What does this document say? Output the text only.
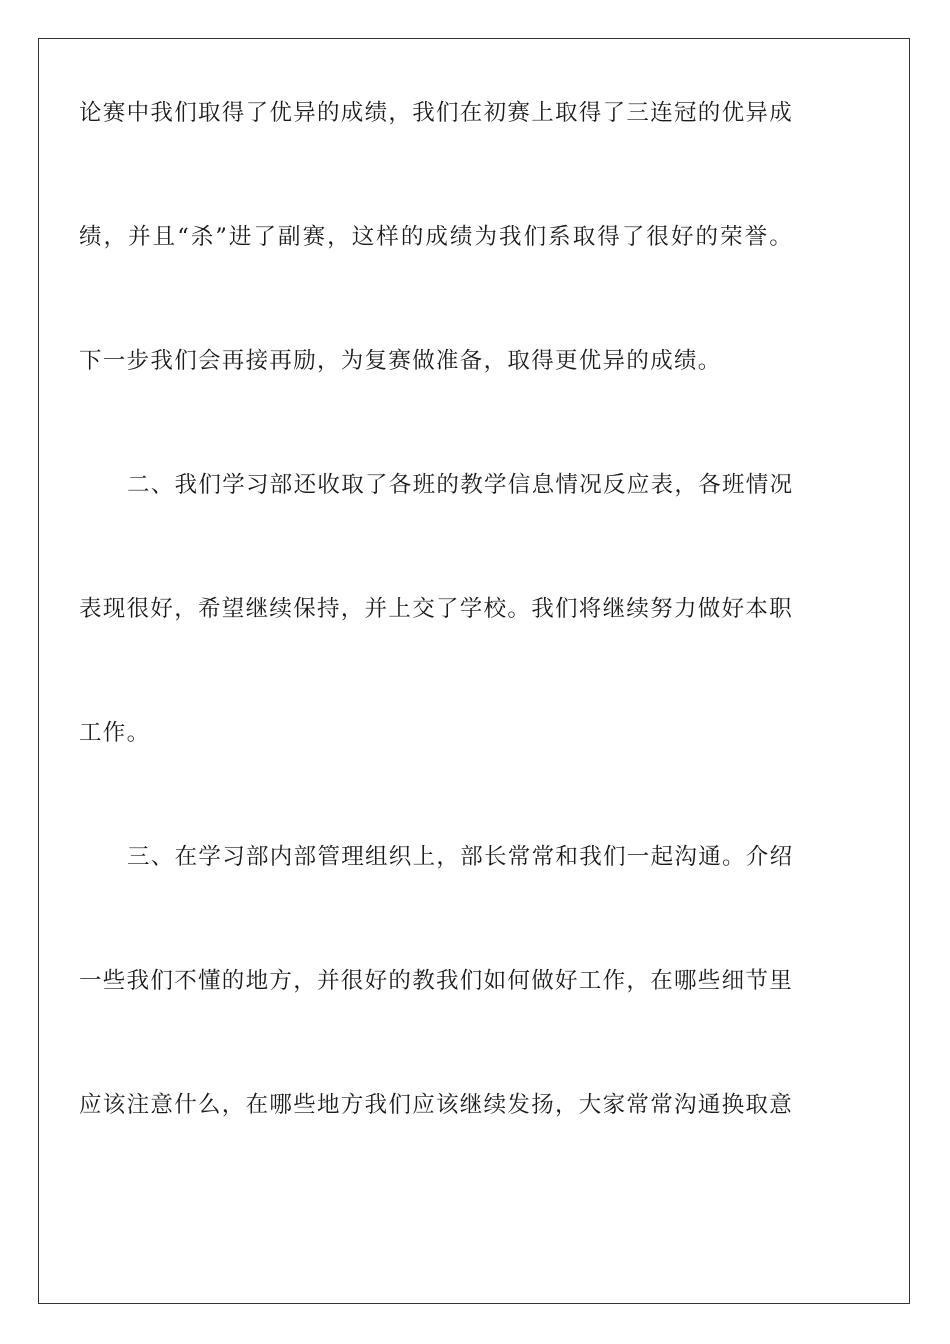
论赛中我们取得了优异的成绩，我们在初赛上取得了三连冠的优异成
绩，并且“杀”进了副赛，这样的成绩为我们系取得了很好的荣誉。
下一步我们会再接再励，为复赛做准备，取得更优异的成绩。
二、我们学习部还收取了各班的教学信息情况反应表，各班情况
表现很好，希望继续保持，并上交了学校。我们将继续努力做好本职
工作。
三、在学习部内部管理组织上，部长常常和我们一起沟通。介绍
一些我们不懂的地方，并很好的教我们如何做好工作，在哪些细节里
应该注意什么，在哪些地方我们应该继续发扬，大家常常沟通换取意
